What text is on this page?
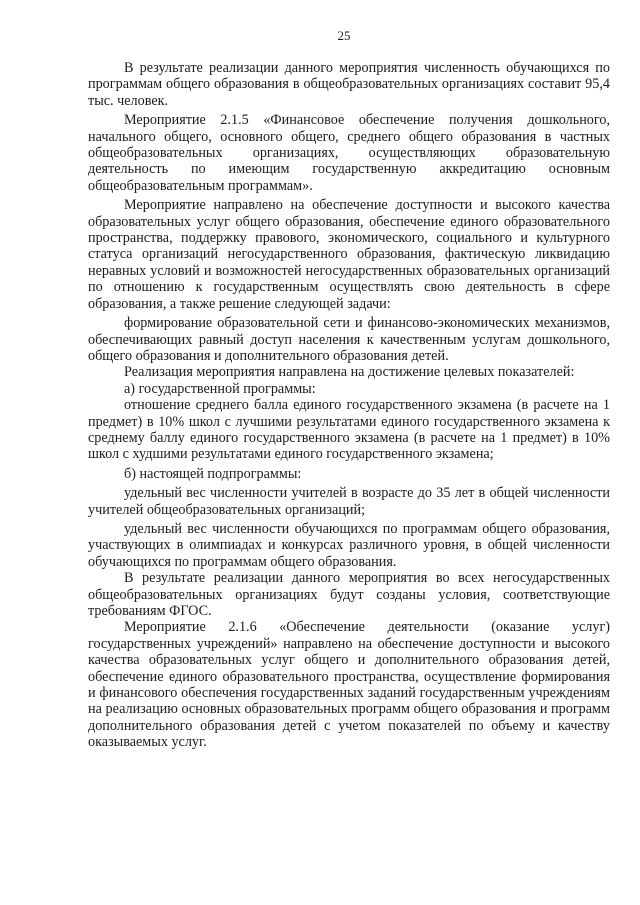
25

В результате реализации данного мероприятия численность обучающихся по программам общего образования в общеобразовательных организациях составит 95,4 тыс. человек.

Мероприятие 2.1.5 «Финансовое обеспечение получения дошкольного, начального общего, основного общего, среднего общего образования в частных общеобразовательных организациях, осуществляющих образовательную деятельность по имеющим государственную аккредитацию основным общеобразовательным программам».

Мероприятие направлено на обеспечение доступности и высокого качества образовательных услуг общего образования, обеспечение единого образовательного пространства, поддержку правового, экономического, социального и культурного статуса организаций негосударственного образования, фактическую ликвидацию неравных условий и возможностей негосударственных образовательных организаций по отношению к государственным осуществлять свою деятельность в сфере образования, а также решение следующей задачи:

формирование образовательной сети и финансово-экономических механизмов, обеспечивающих равный доступ населения к качественным услугам дошкольного, общего образования и дополнительного образования детей.

Реализация мероприятия направлена на достижение целевых показателей:

а) государственной программы:

отношение среднего балла единого государственного экзамена (в расчете на 1 предмет) в 10% школ с лучшими результатами единого государственного экзамена к среднему баллу единого государственного экзамена (в расчете на 1 предмет) в 10% школ с худшими результатами единого государственного экзамена;

б) настоящей подпрограммы:

удельный вес численности учителей в возрасте до 35 лет в общей численности учителей общеобразовательных организаций;

удельный вес численности обучающихся по программам общего образования, участвующих в олимпиадах и конкурсах различного уровня, в общей численности обучающихся по программам общего образования.

В результате реализации данного мероприятия во всех негосударственных общеобразовательных организациях будут созданы условия, соответствующие требованиям ФГОС.

Мероприятие 2.1.6 «Обеспечение деятельности (оказание услуг) государственных учреждений» направлено на обеспечение доступности и высокого качества образовательных услуг общего и дополнительного образования детей, обеспечение единого образовательного пространства, осуществление формирования и финансового обеспечения государственных заданий государственным учреждениям на реализацию основных образовательных программ общего образования и программ дополнительного образования детей с учетом показателей по объему и качеству оказываемых услуг.
